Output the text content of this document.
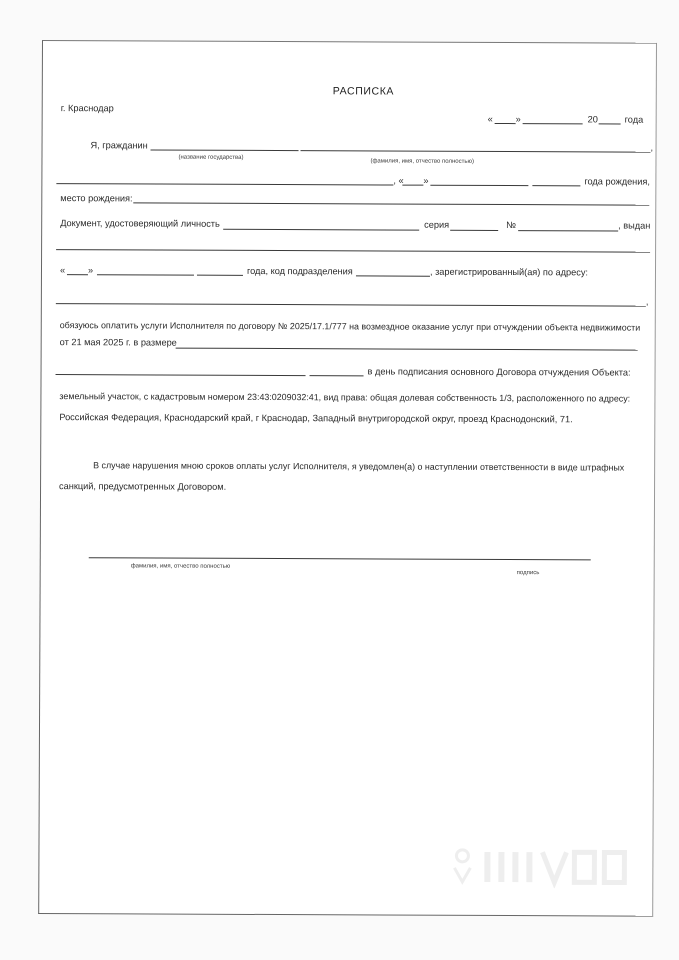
РАСПИСКА
г. Краснодар
« »	20	года
Я, гражданин	,
(название государства)
(фамилия, имя, отчество полностью)
, « »	года рождения,
место рождения:
Документ, удостоверяющий личность	серия	№	, выдан
« »	года, код подразделения	, зарегистрированный(ая) по адресу:
,
обязуюсь оплатить услуги Исполнителя по договору № 2025/17.1/777 на возмездное оказание услуг при отчуждении объекта недвижимости
от 21 мая 2025 г. в размере
в день подписания основного Договора отчуждения Объекта:
земельный участок, с кадастровым номером 23:43:0209032:41, вид права: общая долевая собственность 1/3, расположенного по адресу:
Российская Федерация, Краснодарский край, г Краснодар, Западный внутригородской округ, проезд Краснодонский, 71.
В случае нарушения мною сроков оплаты услуг Исполнителя, я уведомлен(а) о наступлении ответственности в виде штрафных
санкций, предусмотренных Договором.
фамилия, имя, отчество полностью
подпись
